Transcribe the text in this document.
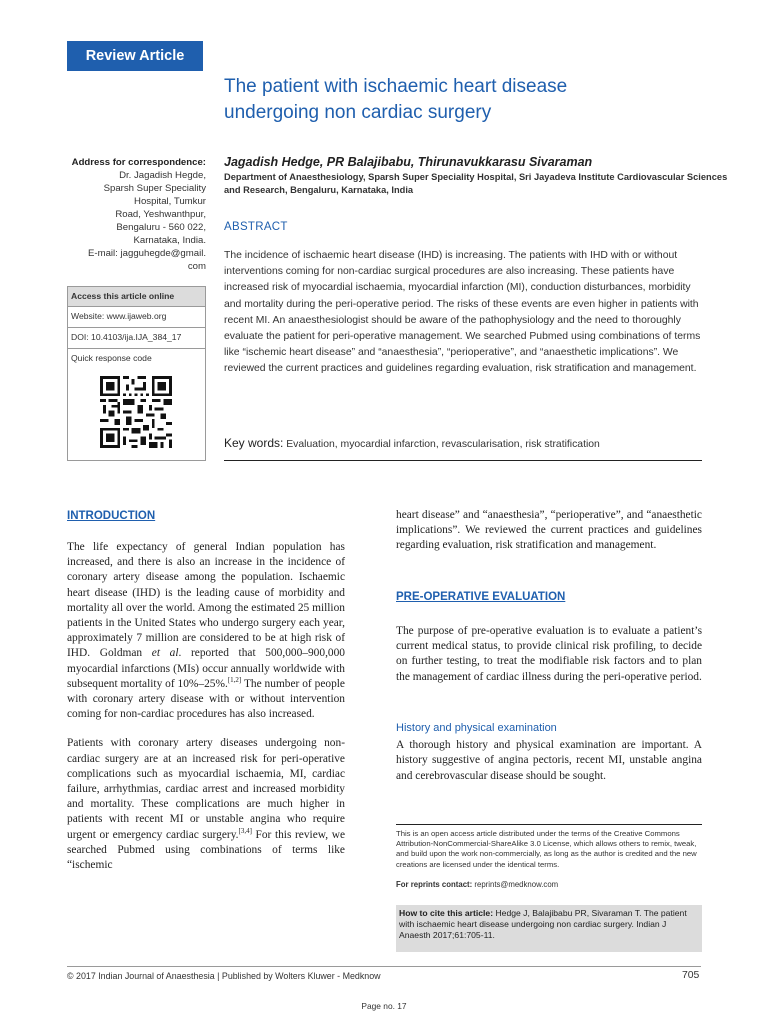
Review Article
The patient with ischaemic heart disease
undergoing non cardiac surgery
Address for correspondence:
Dr. Jagadish Hegde,
Sparsh Super Speciality
Hospital, Tumkur
Road, Yeshwanthpur,
Bengaluru - 560 022,
Karnataka, India.
E-mail: jagguhegde@gmail.
com
Access this article online
Website: www.ijaweb.org
DOI: 10.4103/ija.IJA_384_17
Quick response code
Jagadish Hedge, PR Balajibabu, Thirunavukkarasu Sivaraman
Department of Anaesthesiology, Sparsh Super Speciality Hospital, Sri Jayadeva Institute Cardiovascular Sciences and Research, Bengaluru, Karnataka, India
ABSTRACT
The incidence of ischaemic heart disease (IHD) is increasing. The patients with IHD with or without interventions coming for non-cardiac surgical procedures are also increasing. These patients have increased risk of myocardial ischaemia, myocardial infarction (MI), conduction disturbances, morbidity and mortality during the peri-operative period. The risks of these events are even higher in patients with recent MI. An anaesthesiologist should be aware of the pathophysiology and the need to thoroughly evaluate the patient for peri-operative management. We searched Pubmed using combinations of terms like “ischemic heart disease” and “anaesthesia”, “perioperative”, and “anaesthetic implications”. We reviewed the current practices and guidelines regarding evaluation, risk stratification and management.
Key words: Evaluation, myocardial infarction, revascularisation, risk stratification
INTRODUCTION

The life expectancy of general Indian population has increased, and there is also an increase in the incidence of coronary artery disease among the population. Ischaemic heart disease (IHD) is the leading cause of morbidity and mortality all over the world. Among the estimated 25 million patients in the United States who undergo surgery each year, approximately 7 million are considered to be at high risk of IHD. Goldman et al. reported that 500,000–900,000 myocardial infarctions (MIs) occur annually worldwide with subsequent mortality of 10%–25%.[1,2] The number of people with coronary artery disease with or without intervention coming for non-cardiac procedures has also increased.

Patients with coronary artery diseases undergoing non-cardiac surgery are at an increased risk for peri-operative complications such as myocardial ischaemia, MI, cardiac failure, arrhythmias, cardiac arrest and increased morbidity and mortality. These complications are much higher in patients with recent MI or unstable angina who require urgent or emergency cardiac surgery.[3,4] For this review, we searched Pubmed using combinations of terms like “ischemic

heart disease” and “anaesthesia”, “perioperative”, and “anaesthetic implications”. We reviewed the current practices and guidelines regarding evaluation, risk stratification and management.

PRE-OPERATIVE EVALUATION

The purpose of pre-operative evaluation is to evaluate a patient’s current medical status, to provide clinical risk profiling, to decide on further testing, to treat the modifiable risk factors and to plan the management of cardiac illness during the peri-operative period.

History and physical examination

A thorough history and physical examination are important. A history suggestive of angina pectoris, recent MI, unstable angina and cerebrovascular disease should be sought.

This is an open access article distributed under the terms of the Creative Commons Attribution-NonCommercial-ShareAlike 3.0 License, which allows others to remix, tweak, and build upon the work non-commercially, as long as the author is credited and the new creations are licensed under the identical terms.
For reprints contact: reprints@medknow.com
How to cite this article: Hedge J, Balajibabu PR, Sivaraman T. The patient with ischaemic heart disease undergoing non cardiac surgery. Indian J Anaesth 2017;61:705-11.
© 2017 Indian Journal of Anaesthesia | Published by Wolters Kluwer - Medknow	705
Page no. 17
